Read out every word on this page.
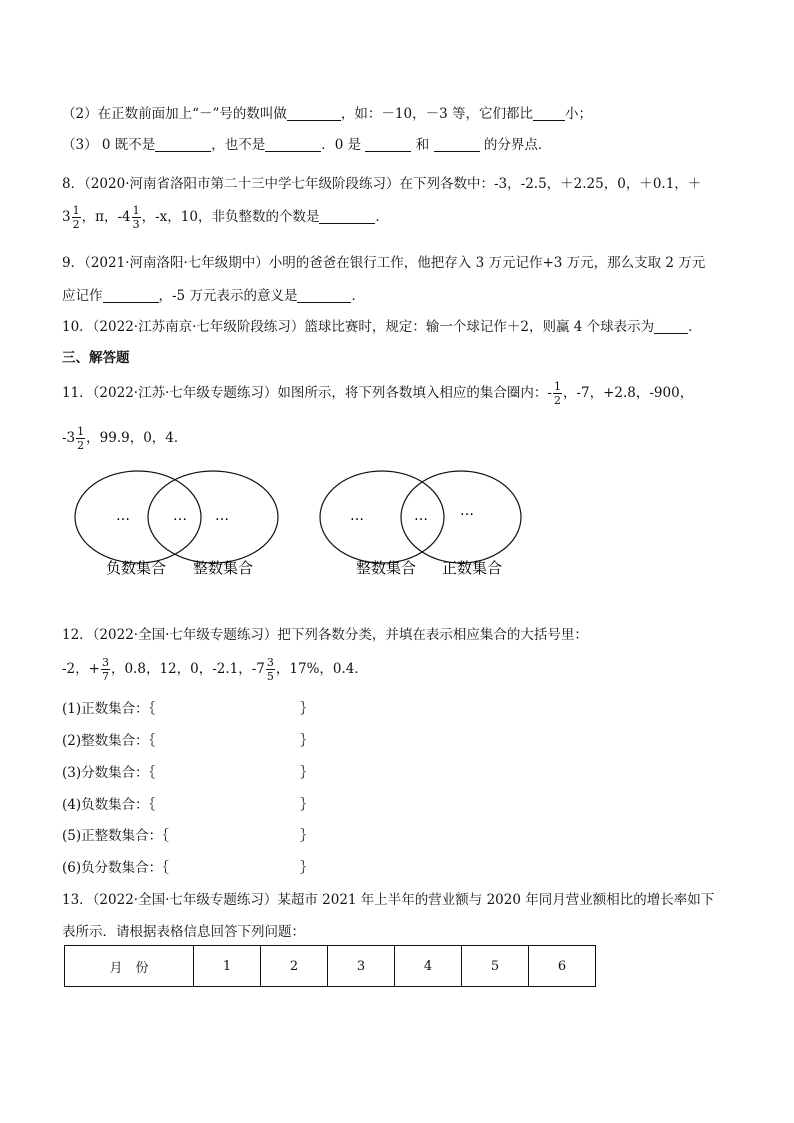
（2）在正数前面加上“－”号的数叫做	，如：－10，－3 等，它们都比 小；
（3） 0 既不是	，也不是	．0 是	和	的分界点．
8．（2020·河南省洛阳市第二十三中学七年级阶段练习）在下列各数中：-3，-2.5，＋2.25，0，＋0.1，＋
$3 \frac{1}{2}$ ，π，$-4 \frac{1}{3}$ ，-x，10，非负整数的个数是	．
9．（2021·河南洛阳·七年级期中）小明的爸爸在银行工作，他把存入 3 万元记作+3 万元，那么支取 2 万元
应记作	，-5 万元表示的意义是	．
10．（2022·江苏南京·七年级阶段练习）篮球比赛时，规定：输一个球记作＋2，则赢 4 个球表示为	．
三、解答题
11．（2022·江苏·七年级专题练习）如图所示，将下列各数填入相应的集合圈内：- $\frac{1}{2}$ ，-7，+2.8，-900，
$-3 \frac{1}{2}$ ，99.9，0，4．
…	… …
负数集合 整数集合
…	… …
整数集合 正数集合
12．（2022·全国·七年级专题练习）把下列各数分类，并填在表示相应集合的大括号里：
-2，+ $\frac{3}{7}$ ，0.8，12，0，-2.1，$-7 \frac{3}{5}$ ，17%，0.4．
(1)正数集合：｛	｝
(2)整数集合：｛	｝
(3)分数集合：｛	｝
(4)负数集合：｛	｝
(5)正整数集合：｛	｝
(6)负分数集合：｛	｝
13．（2022·全国·七年级专题练习）某超市 2021 年上半年的营业额与 2020 年同月营业额相比的增长率如下
表所示．请根据表格信息回答下列问题：
月　份	1	2	3	4	5	6
